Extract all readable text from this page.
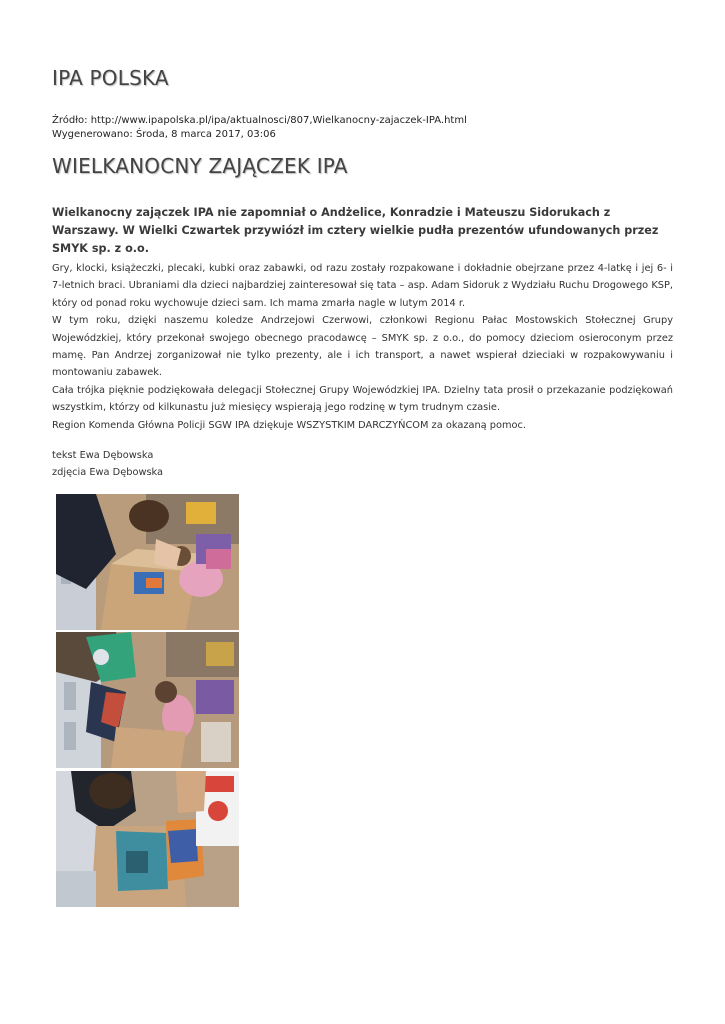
IPA POLSKA
Źródło: http://www.ipapolska.pl/ipa/aktualnosci/807,Wielkanocny-zajaczek-IPA.html
Wygenerowano: Środa, 8 marca 2017, 03:06
WIELKANOCNY ZAJĄCZEK IPA

Wielkanocny zajączek IPA nie zapomniał o Andżelice, Konradzie i Mateuszu Sidorukach z Warszawy. W Wielki Czwartek przywiózł im cztery wielkie pudła prezentów ufundowanych przez SMYK sp. z o.o.

Gry, klocki, książeczki, plecaki, kubki oraz zabawki, od razu zostały rozpakowane i dokładnie obejrzane przez 4-latkę i jej 6- i 7-letnich braci. Ubraniami dla dzieci najbardziej zainteresował się tata – asp. Adam Sidoruk z Wydziału Ruchu Drogowego KSP, który od ponad roku wychowuje dzieci sam. Ich mama zmarła nagle w lutym 2014 r.

W tym roku, dzięki naszemu koledze Andrzejowi Czerwowi, członkowi Regionu Pałac Mostowskich Stołecznej Grupy Wojewódzkiej, który przekonał swojego obecnego pracodawcę – SMYK sp. z o.o., do pomocy dzieciom osieroconym przez mamę. Pan Andrzej zorganizował nie tylko prezenty, ale i ich transport, a nawet wspierał dzieciaki w rozpakowywaniu i montowaniu zabawek.

Cała trójka pięknie podziękowała delegacji Stołecznej Grupy Wojewódzkiej IPA. Dzielny tata prosił o przekazanie podziękowań wszystkim, którzy od kilkunastu już miesięcy wspierają jego rodzinę w tym trudnym czasie.

Region Komenda Główna Policji SGW IPA dziękuje WSZYSTKIM DARCZYŃCOM za okazaną pomoc.

tekst Ewa Dębowska
zdjęcia Ewa Dębowska
